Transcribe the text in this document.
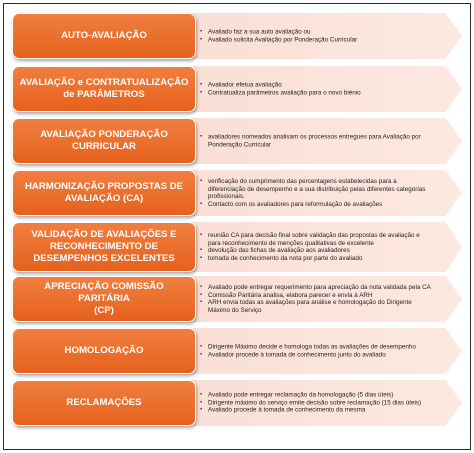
AUTO-AVALIAÇÃO	▪ Avaliado faz a sua auto avaliação ou
▪ Avaliado solicita Avaliação por Ponderação Curricular
AVALIAÇÃO e CONTRATUALIZAÇÃO
de PARÂMETROS
▪ Avaliador efetua avaliação
▪ Contratualiza parâmetros avaliação para o novo biénio
AVALIAÇÃO PONDERAÇÃO
CURRICULAR
▪ avaliadores nomeados analisam os processos entregues para Avaliação por Ponderação Curricular
HARMONIZAÇÃO PROPOSTAS DE
AVALIAÇÃO (CA)
▪ verificação do cumprimento das percentagens estabelecidas para a diferenciação de desempenho e a sua distribuição pelas diferentes categorias profissionais.
▪ Contacto com os avaliadores para reformulação de avaliações
VALIDAÇÃO DE AVALIAÇÕES E
RECONHECIMENTO DE
DESEMPENHOS EXCELENTES
▪ reunião CA para decisão final sobre validação das propostas de avaliação e para reconhecimento de menções qualitativas de excelente
▪ devolução das fichas de avaliação aos avaliadores
▪ tomada de conhecimento da nota por parte do avaliado
APRECIAÇÃO COMISSÃO PARITÁRIA
(CP)
▪ Avaliado pode entregar requerimento para apreciação da nota validada pela CA
▪ Comissão Paritária analisa, elabora parecer e envia à ARH
▪ ARH envia todas as avaliações para análise e homologação do Dirigente Máximo do Serviço
HOMOLOGAÇÃO	▪ Dirigente Máximo decide e homologa todas as avaliações de desempenho
▪ Avaliador procede à tomada de conhecimento junto do avaliado
RECLAMAÇÕES
▪ Avaliado pode entregar reclamação da homologação (5 dias úteis)
▪ Dirigente máximo do serviço emite decisão sobre reclamação (15 dias úteis)
▪ Avaliado procede à tomada de conhecimento da mesma
